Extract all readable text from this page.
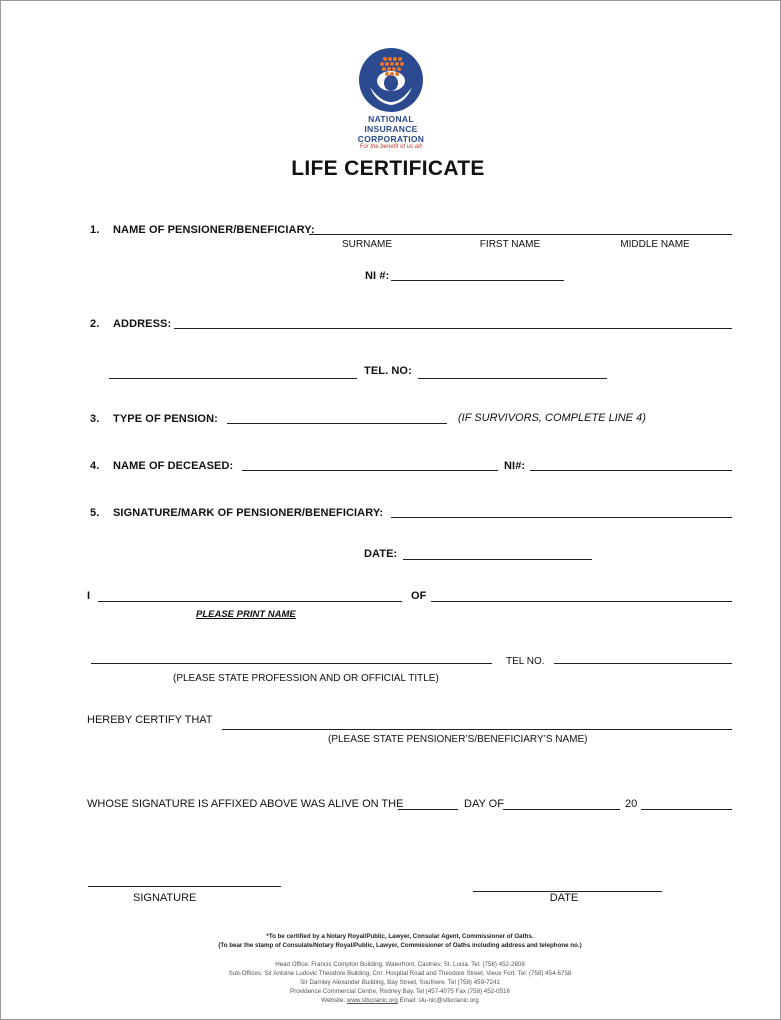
NATIONAL
INSURANCE
CORPORATION
For the benefit of us all!
LIFE CERTIFICATE
1. NAME OF PENSIONER/BENEFICIARY:
SURNAME	FIRST NAME	MIDDLE NAME
NI #:
2. ADDRESS:
TEL. NO:
3. TYPE OF PENSION:	(IF SURVIVORS, COMPLETE LINE 4)
4. NAME OF DECEASED:	NI#:
5. SIGNATURE/MARK OF PENSIONER/BENEFICIARY:
DATE:
I	OF
PLEASE PRINT NAME
TEL NO.
(PLEASE STATE PROFESSION AND OR OFFICIAL TITLE)
HEREBY CERTIFY THAT
(PLEASE STATE PENSIONER’S/BENEFICIARY’S NAME)
WHOSE SIGNATURE IS AFFIXED ABOVE WAS ALIVE ON THE	DAY OF	20
SIGNATURE	DATE
*To be certified by a Notary Royal/Public, Lawyer, Consular Agent, Commissioner of Oaths.
(To bear the stamp of Consulate/Notary Royal/Public, Lawyer, Commissioner of Oaths including address and telephone no.)
Head Office: Francis Compton Building, Waterfront, Castries, St. Lucia. Tel: (758) 452-2808
Sub-Offices: Sir Antoine Ludovic Theodore Building, Cnr. Hospital Road and Theodore Street, Vieux Fort. Tel: (758) 454-6758
Sir Darnley Alexander Building, Bay Street, Soufriere. Tel (758) 459-7241
Providence Commercial Centre, Rodney Bay. Tel (457-4075 Fax (758) 452-0516
Website: www.stlucianic.org Email: slu-nic@stlucianic.org
